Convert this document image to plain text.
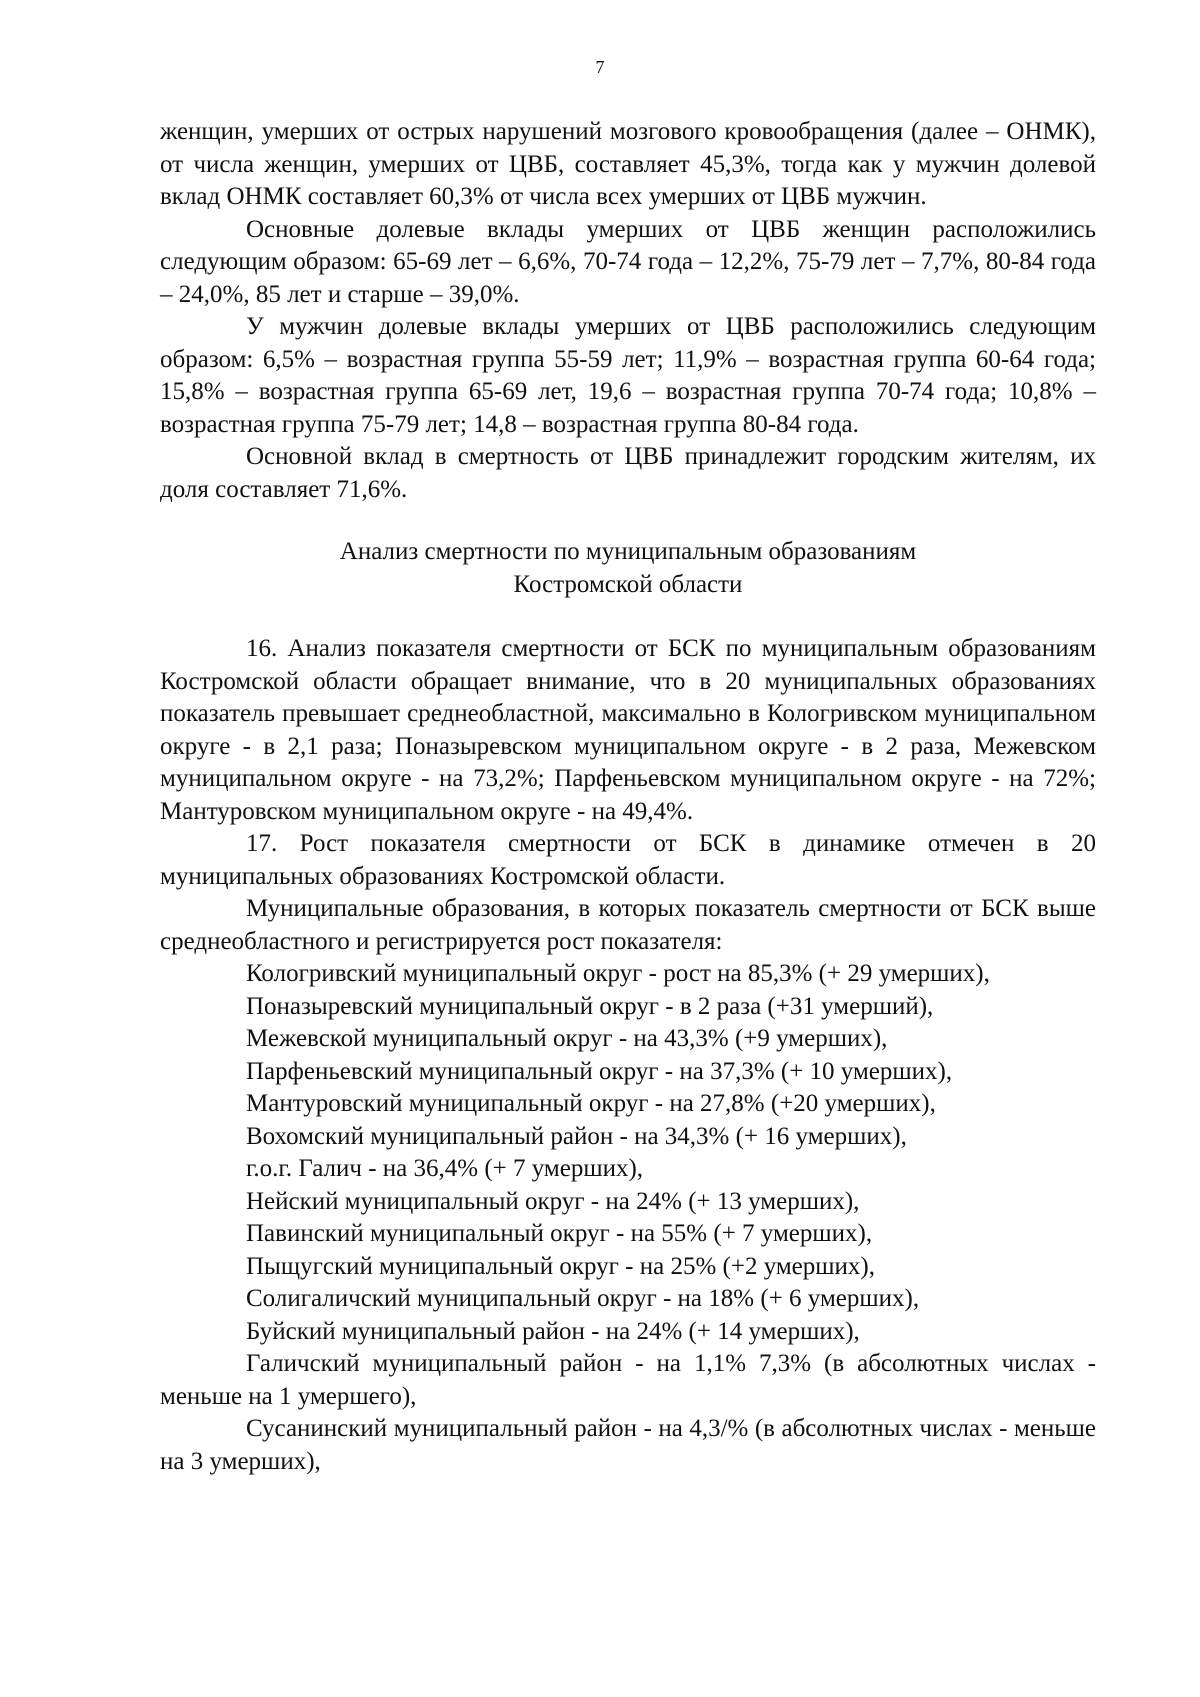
7

женщин, умерших от острых нарушений мозгового кровообращения (далее – ОНМК), от числа женщин, умерших от ЦВБ, составляет 45,3%, тогда как у мужчин долевой вклад ОНМК составляет 60,3% от числа всех умерших от ЦВБ мужчин.

Основные долевые вклады умерших от ЦВБ женщин расположились следующим образом: 65-69 лет – 6,6%, 70-74 года – 12,2%, 75-79 лет – 7,7%, 80-84 года – 24,0%, 85 лет и старше – 39,0%.

У мужчин долевые вклады умерших от ЦВБ расположились следующим образом: 6,5% – возрастная группа 55-59 лет; 11,9% – возрастная группа 60-64 года; 15,8% – возрастная группа 65-69 лет, 19,6 – возрастная группа 70-74 года; 10,8% – возрастная группа 75-79 лет; 14,8 – возрастная группа 80-84 года.

Основной вклад в смертность от ЦВБ принадлежит городским жителям, их доля составляет 71,6%.

Анализ смертности по муниципальным образованиям
Костромской области

16. Анализ показателя смертности от БСК по муниципальным образованиям Костромской области обращает внимание, что в 20 муниципальных образованиях показатель превышает среднеобластной, максимально в Кологривском муниципальном округе - в 2,1 раза; Поназыревском муниципальном округе - в 2 раза, Межевском муниципальном округе - на 73,2%; Парфеньевском муниципальном округе - на 72%; Мантуровском муниципальном округе - на 49,4%.

17. Рост показателя смертности от БСК в динамике отмечен в 20 муниципальных образованиях Костромской области.

Муниципальные образования, в которых показатель смертности от БСК выше среднеобластного и регистрируется рост показателя:

Кологривский муниципальный округ - рост на 85,3% (+ 29 умерших),

Поназыревский муниципальный округ - в 2 раза (+31 умерший),

Межевской муниципальный округ - на 43,3% (+9 умерших),

Парфеньевский муниципальный округ - на 37,3% (+ 10 умерших),

Мантуровский муниципальный округ - на 27,8% (+20 умерших),

Вохомский муниципальный район - на 34,3% (+ 16 умерших),

г.о.г. Галич - на 36,4% (+ 7 умерших),

Нейский муниципальный округ - на 24% (+ 13 умерших),

Павинский муниципальный округ - на 55% (+ 7 умерших),

Пыщугский муниципальный округ - на 25% (+2 умерших),

Солигаличский муниципальный округ - на 18% (+ 6 умерших),

Буйский муниципальный район - на 24% (+ 14 умерших),

Галичский муниципальный район - на 1,1% 7,3% (в абсолютных числах - меньше на 1 умершего),

Сусанинский муниципальный район - на 4,3/% (в абсолютных числах - меньше на 3 умерших),
